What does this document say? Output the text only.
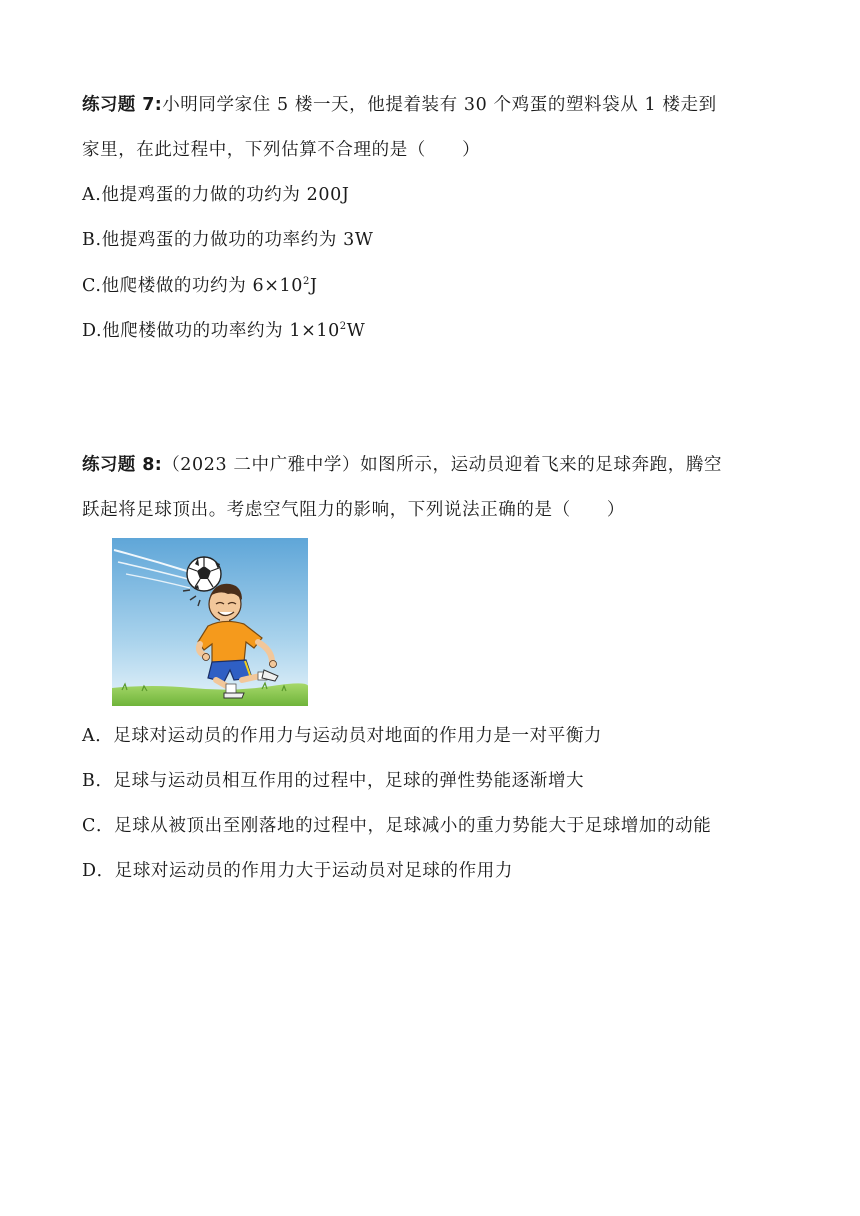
练习题 7:小明同学家住 5 楼一天，他提着装有 30 个鸡蛋的塑料袋从 1 楼走到
家里，在此过程中，下列估算不合理的是（　　）
A.他提鸡蛋的力做的功约为 200J
B.他提鸡蛋的力做功的功率约为 3W
C.他爬楼做的功约为 $6\times 10^2J$
D.他爬楼做功的功率约为 $1\times 10^2W$
练习题 8:（2023 二中广雅中学）如图所示，运动员迎着飞来的足球奔跑，腾空
跃起将足球顶出。考虑空气阻力的影响，下列说法正确的是（　　）
A．足球对运动员的作用力与运动员对地面的作用力是一对平衡力
B．足球与运动员相互作用的过程中，足球的弹性势能逐渐增大
C．足球从被顶出至刚落地的过程中，足球减小的重力势能大于足球增加的动能
D．足球对运动员的作用力大于运动员对足球的作用力
